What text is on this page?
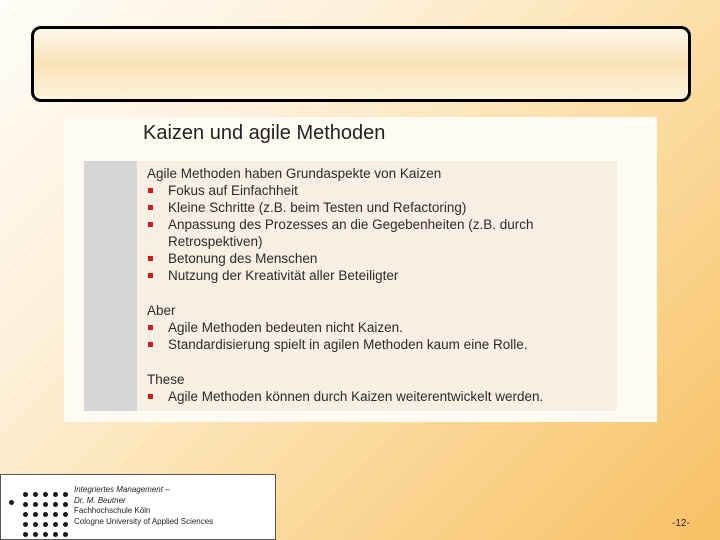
Kaizen und agile Methoden

Agile Methoden haben Grundaspekte von Kaizen

Fokus auf Einfachheit
Kleine Schritte (z.B. beim Testen und Refactoring)
Anpassung des Prozesses an die Gegebenheiten (z.B. durch Retrospektiven)
Betonung des Menschen
Nutzung der Kreativität aller Beteiligter

Aber

Agile Methoden bedeuten nicht Kaizen.
Standardisierung spielt in agilen Methoden kaum eine Rolle.

These

Agile Methoden können durch Kaizen weiterentwickelt werden.
Integriertes Management –
Dr. M. Beutner
Fachhochschule Köln
Cologne University of Applied Sciences	-12-
